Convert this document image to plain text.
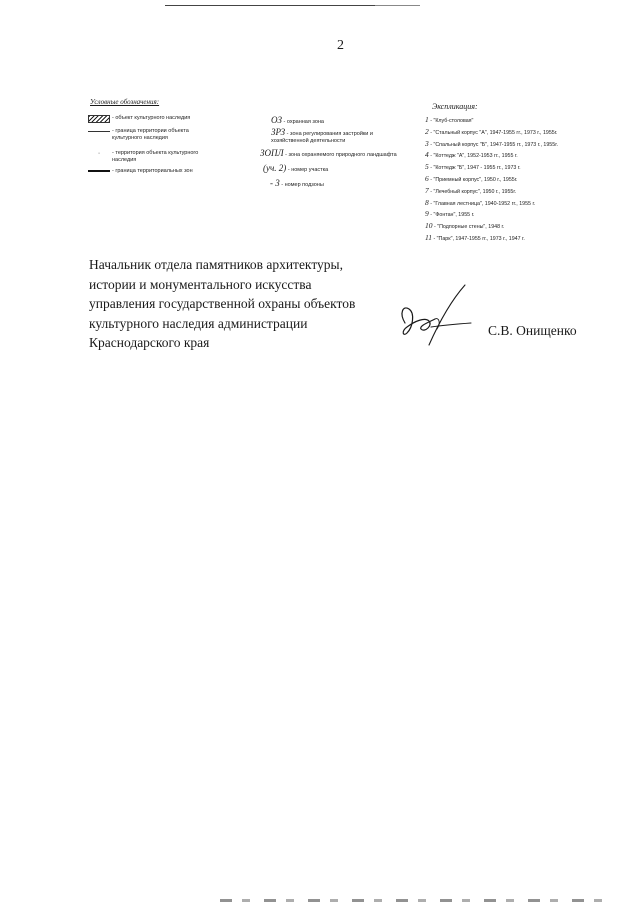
2
Условные обозначения:
- объект культурного наследия
- граница территории объекта культурного наследия
· - территория объекта культурного наследия
- граница территориальных зон
ОЗ - охранная зона
ЗРЗ - зона регулирования застройки и хозяйственной деятельности
ЗОПЛ - зона охраняемого природного ландшафта
(уч. 2) - номер участка
- 3 - номер подзоны
Экспликация:
1 - "Клуб-столовая"
2 - "Стальный корпус "А", 1947-1955 гг., 1973 г., 1955г.
3 - "Спальный корпус "Б", 1947-1955 гг., 1973 г., 1955г.
4 - "Коттедж "А", 1952-1953 гг., 1955 г.
5 - "Коттедж "Б", 1947 - 1955 гг., 1973 г.
6 - "Приемный корпус", 1950 г., 1955г.
7 - "Лечебный корпус", 1950 г., 1955г.
8 - "Главная лестница", 1940-1952 гг., 1955 г.
9 - "Фонтан", 1955 г.
10 - "Подпорные стены", 1948 г.
11 - "Парк", 1947-1955 гг., 1973 г., 1947 г.
Начальник отдела памятников архитектуры,
истории и монументального искусства
управления государственной охраны объектов
культурного наследия администрации
Краснодарского края
С.В. Онищенко
